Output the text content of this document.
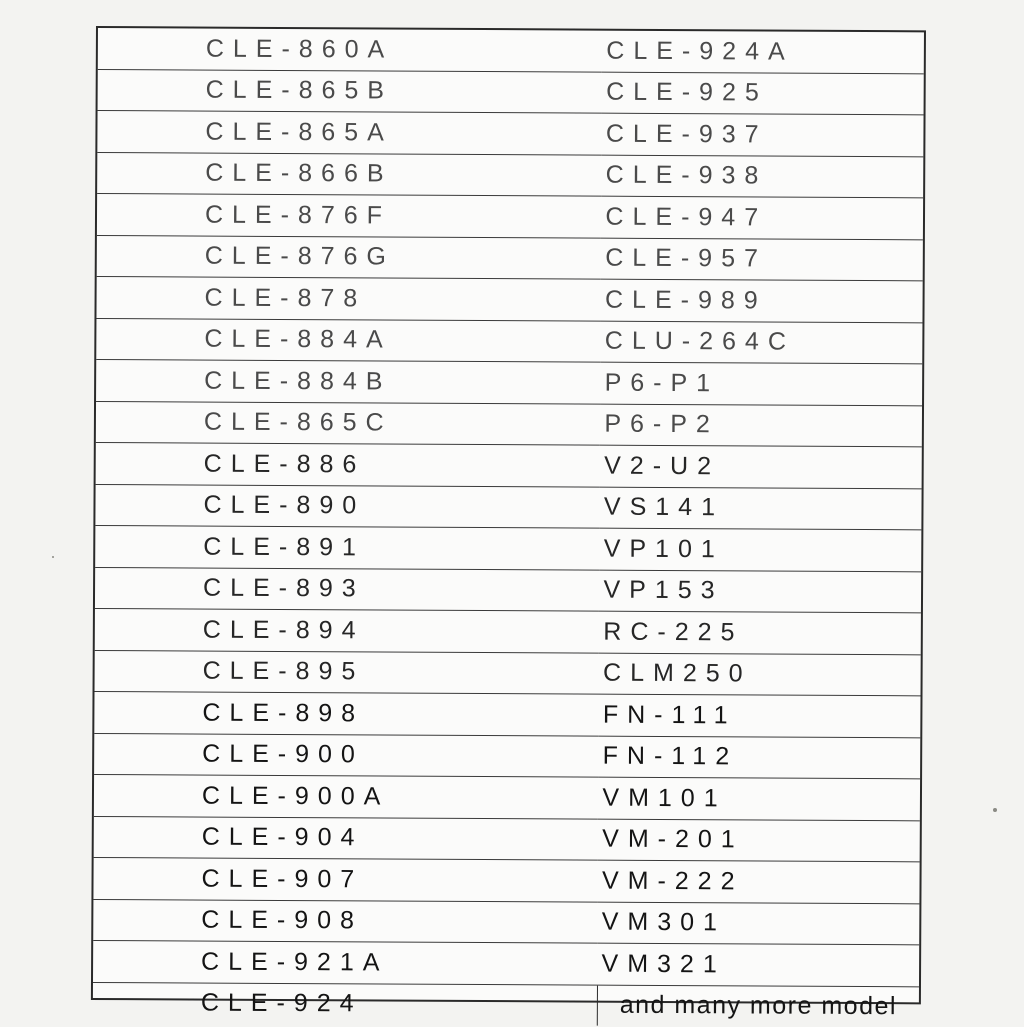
CLE-860A	CLE-924A
CLE-865B	CLE-925
CLE-865A	CLE-937
CLE-866B	CLE-938
CLE-876F	CLE-947
CLE-876G	CLE-957
CLE-878	CLE-989
CLE-884A	CLU-264C
CLE-884B	P6-P1
CLE-865C	P6-P2
CLE-886	V2-U2
CLE-890	VS141
CLE-891	VP101
CLE-893	VP153
CLE-894	RC-225
CLE-895	CLM250
CLE-898	FN-111
CLE-900	FN-112
CLE-900A	VM101
CLE-904	VM-201
CLE-907	VM-222
CLE-908	VM301
CLE-921A	VM321
CLE-924	and many more model
